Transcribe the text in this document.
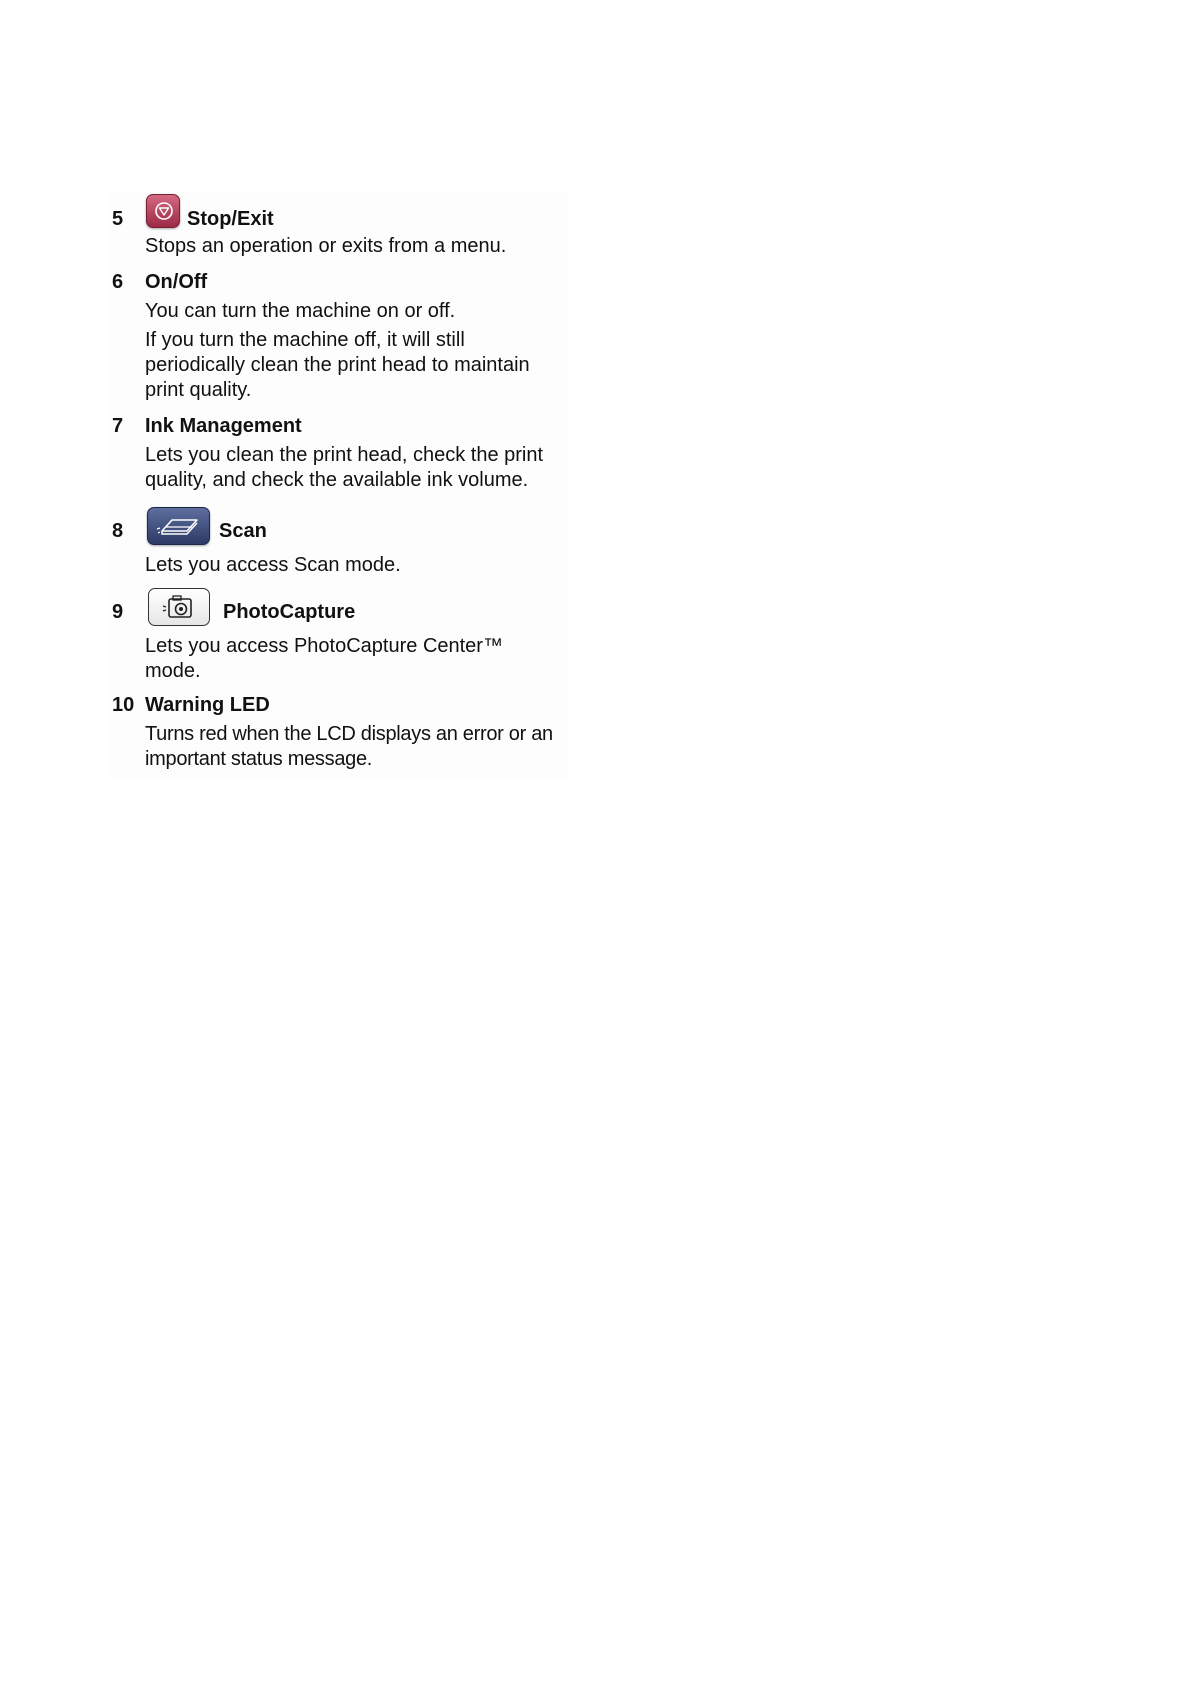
5	Stop/Exit

Stops an operation or exits from a menu.

6 On/Off

You can turn the machine on or off.

If you turn the machine off, it will still periodically clean the print head to maintain print quality.

7 Ink Management

Lets you clean the print head, check the print quality, and check the available ink volume.

8	Scan

Lets you access Scan mode.

9	PhotoCapture

Lets you access PhotoCapture Center™ mode.

10 Warning LED

Turns red when the LCD displays an error or an important status message.
